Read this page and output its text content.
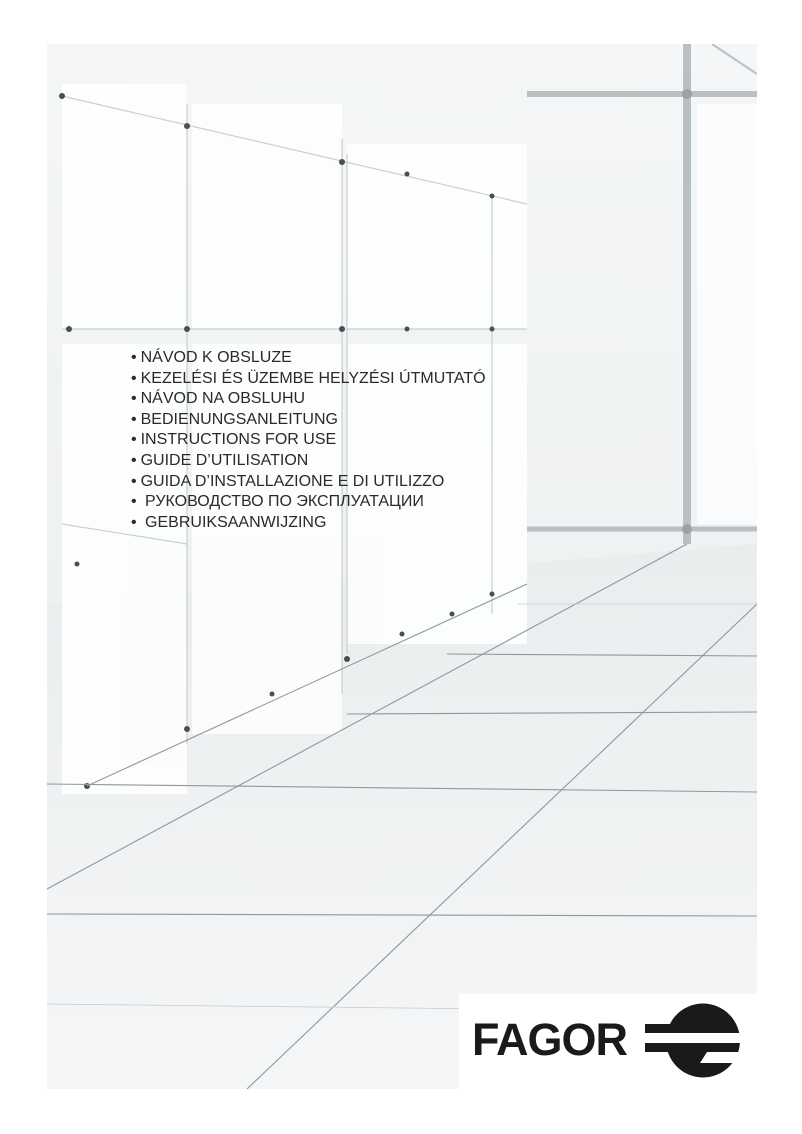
• NÁVOD K OBSLUZE
• KEZELÉSI ÉS ÜZEMBE HELYZÉSI ÚTMUTATÓ
• NÁVOD NA OBSLUHU
• BEDIENUNGSANLEITUNG
• INSTRUCTIONS FOR USE
• GUIDE D’UTILISATION
• GUIDA D’INSTALLAZIONE E DI UTILIZZO
• РУКОВОДСТВО ПО ЭКСПЛУАТАЦИИ
• GEBRUIKSAANWIJZING
FAGOR
